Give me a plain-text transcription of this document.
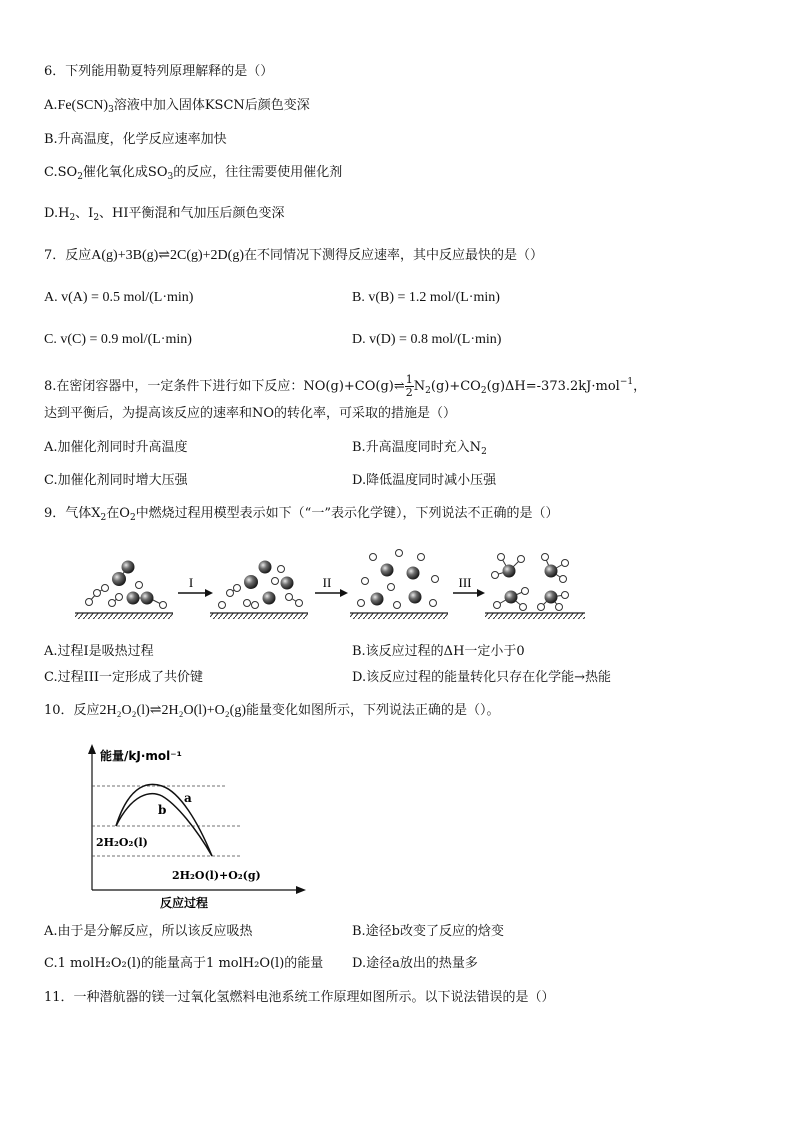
6．下列能用勒夏特列原理解释的是（）
$A.Fe(SCN)_3$溶液中加入固体KSCN后颜色变深
B.升高温度，化学反应速率加快
$C.SO_2$催化氧化成$SO_3$的反应，往往需要使用催化剂
$D.H_2$、$I_2$、HI平衡混和气加压后颜色变深
7．反应A(g)+3B(g)⇌2C(g)+2D(g)在不同情况下测得反应速率，其中反应最快的是（）
A. v(A) = 0.5 mol/(L·min)	B. v(B) = 1.2 mol/(L·min)
C. v(C) = 0.9 mol/(L·min)	D. v(D) = 0.8 mol/(L·min)
8.在密闭容器中，一定条件下进行如下反应：NO(g)+CO(g)⇌ $\frac{1}{2} N_2(g)+CO_2(g)\Delta H=-373.2kJ\cdot mol^{-1}$，
达到平衡后，为提高该反应的速率和NO的转化率，可采取的措施是（）
A.加催化剂同时升高温度	B.升高温度同时充入$N_2$
C.加催化剂同时增大压强	D.降低温度同时减小压强
9．气体$X_2$在$O_2$中燃烧过程用模型表示如下（“一”表示化学键），下列说法不正确的是（）
I	II	III
A.过程Ⅰ是吸热过程	B.该反应过程的ΔH一定小于0
C.过程III一定形成了共价键	D.该反应过程的能量转化只存在化学能→热能
10．反应2H₂O₂(l)⇌2H₂O(l)+O₂(g)能量变化如图所示，下列说法正确的是（）。
能量/kJ·mol⁻¹
反应过程
a
b
2H₂O₂(l)
2H₂O(l)+O₂(g)
A.由于是分解反应，所以该反应吸热	B.途径b改变了反应的焓变
C.1 molH₂O₂(l)的能量高于1 molH₂O(l)的能量 D.途径a放出的热量多
11．一种潜航器的镁一过氧化氢燃料电池系统工作原理如图所示。以下说法错误的是（）
